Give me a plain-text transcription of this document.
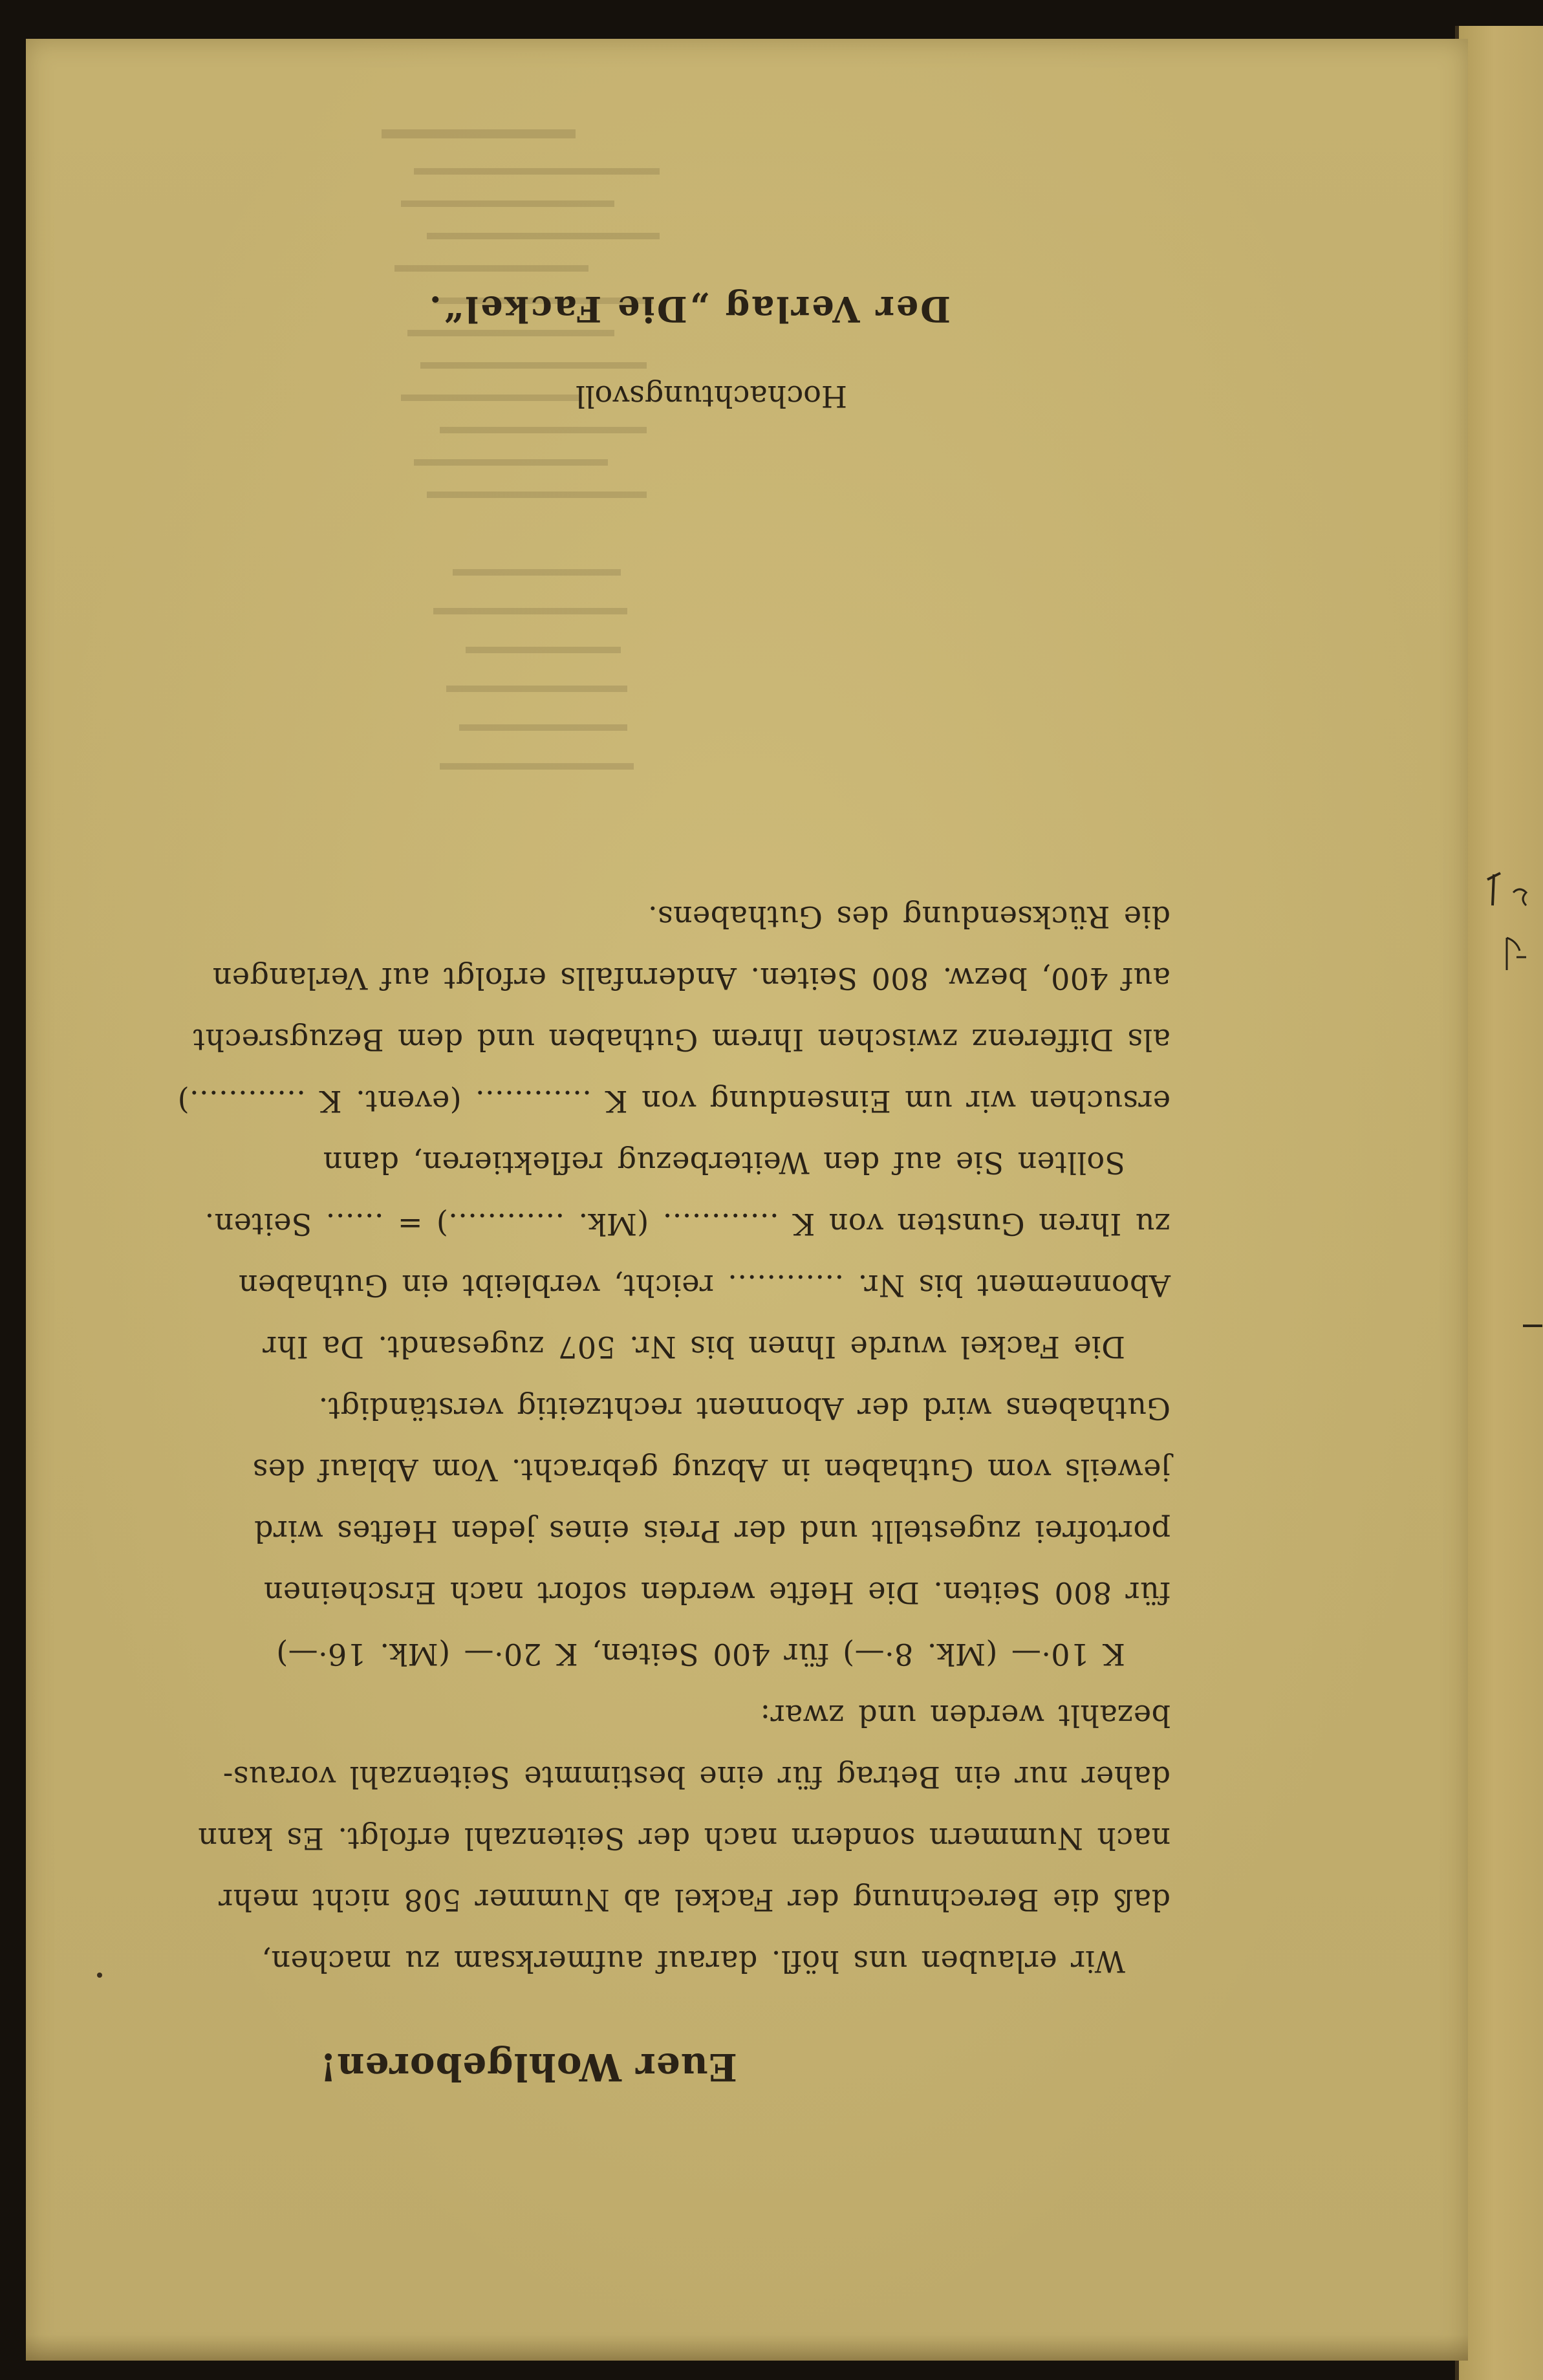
Euer Wohlgeboren!
Wir erlauben uns höfl. darauf aufmerksam zu machen,
daß die Berechnung der Fackel ab Nummer 508 nicht mehr
nach Nummern sondern nach der Seitenzahl erfolgt. Es kann
daher nur ein Betrag für eine bestimmte Seitenzahl voraus-
bezahlt werden und zwar:
K 10·— (Mk. 8·—) für 400 Seiten, K 20·— (Mk. 16·—)
für 800 Seiten. Die Hefte werden sofort nach Erscheinen
portofrei zugestellt und der Preis eines jeden Heftes wird
jeweils vom Guthaben in Abzug gebracht. Vom Ablauf des
Guthabens wird der Abonnent rechtzeitig verständigt.
Die Fackel wurde Ihnen bis Nr. 507 zugesandt. Da Ihr
Abonnement bis Nr. ............ reicht, verbleibt ein Guthaben
zu Ihren Gunsten von K ............ (Mk. ............) = ...... Seiten.
Sollten Sie auf den Weiterbezug reflektieren, dann
ersuchen wir um Einsendung von K ............ (event. K ............)
als Differenz zwischen Ihrem Guthaben und dem Bezugsrecht
auf 400, bezw. 800 Seiten. Andernfalls erfolgt auf Verlangen
die Rücksendung des Guthabens.
Hochachtungsvoll
Der Verlag „Die Fackel“.
